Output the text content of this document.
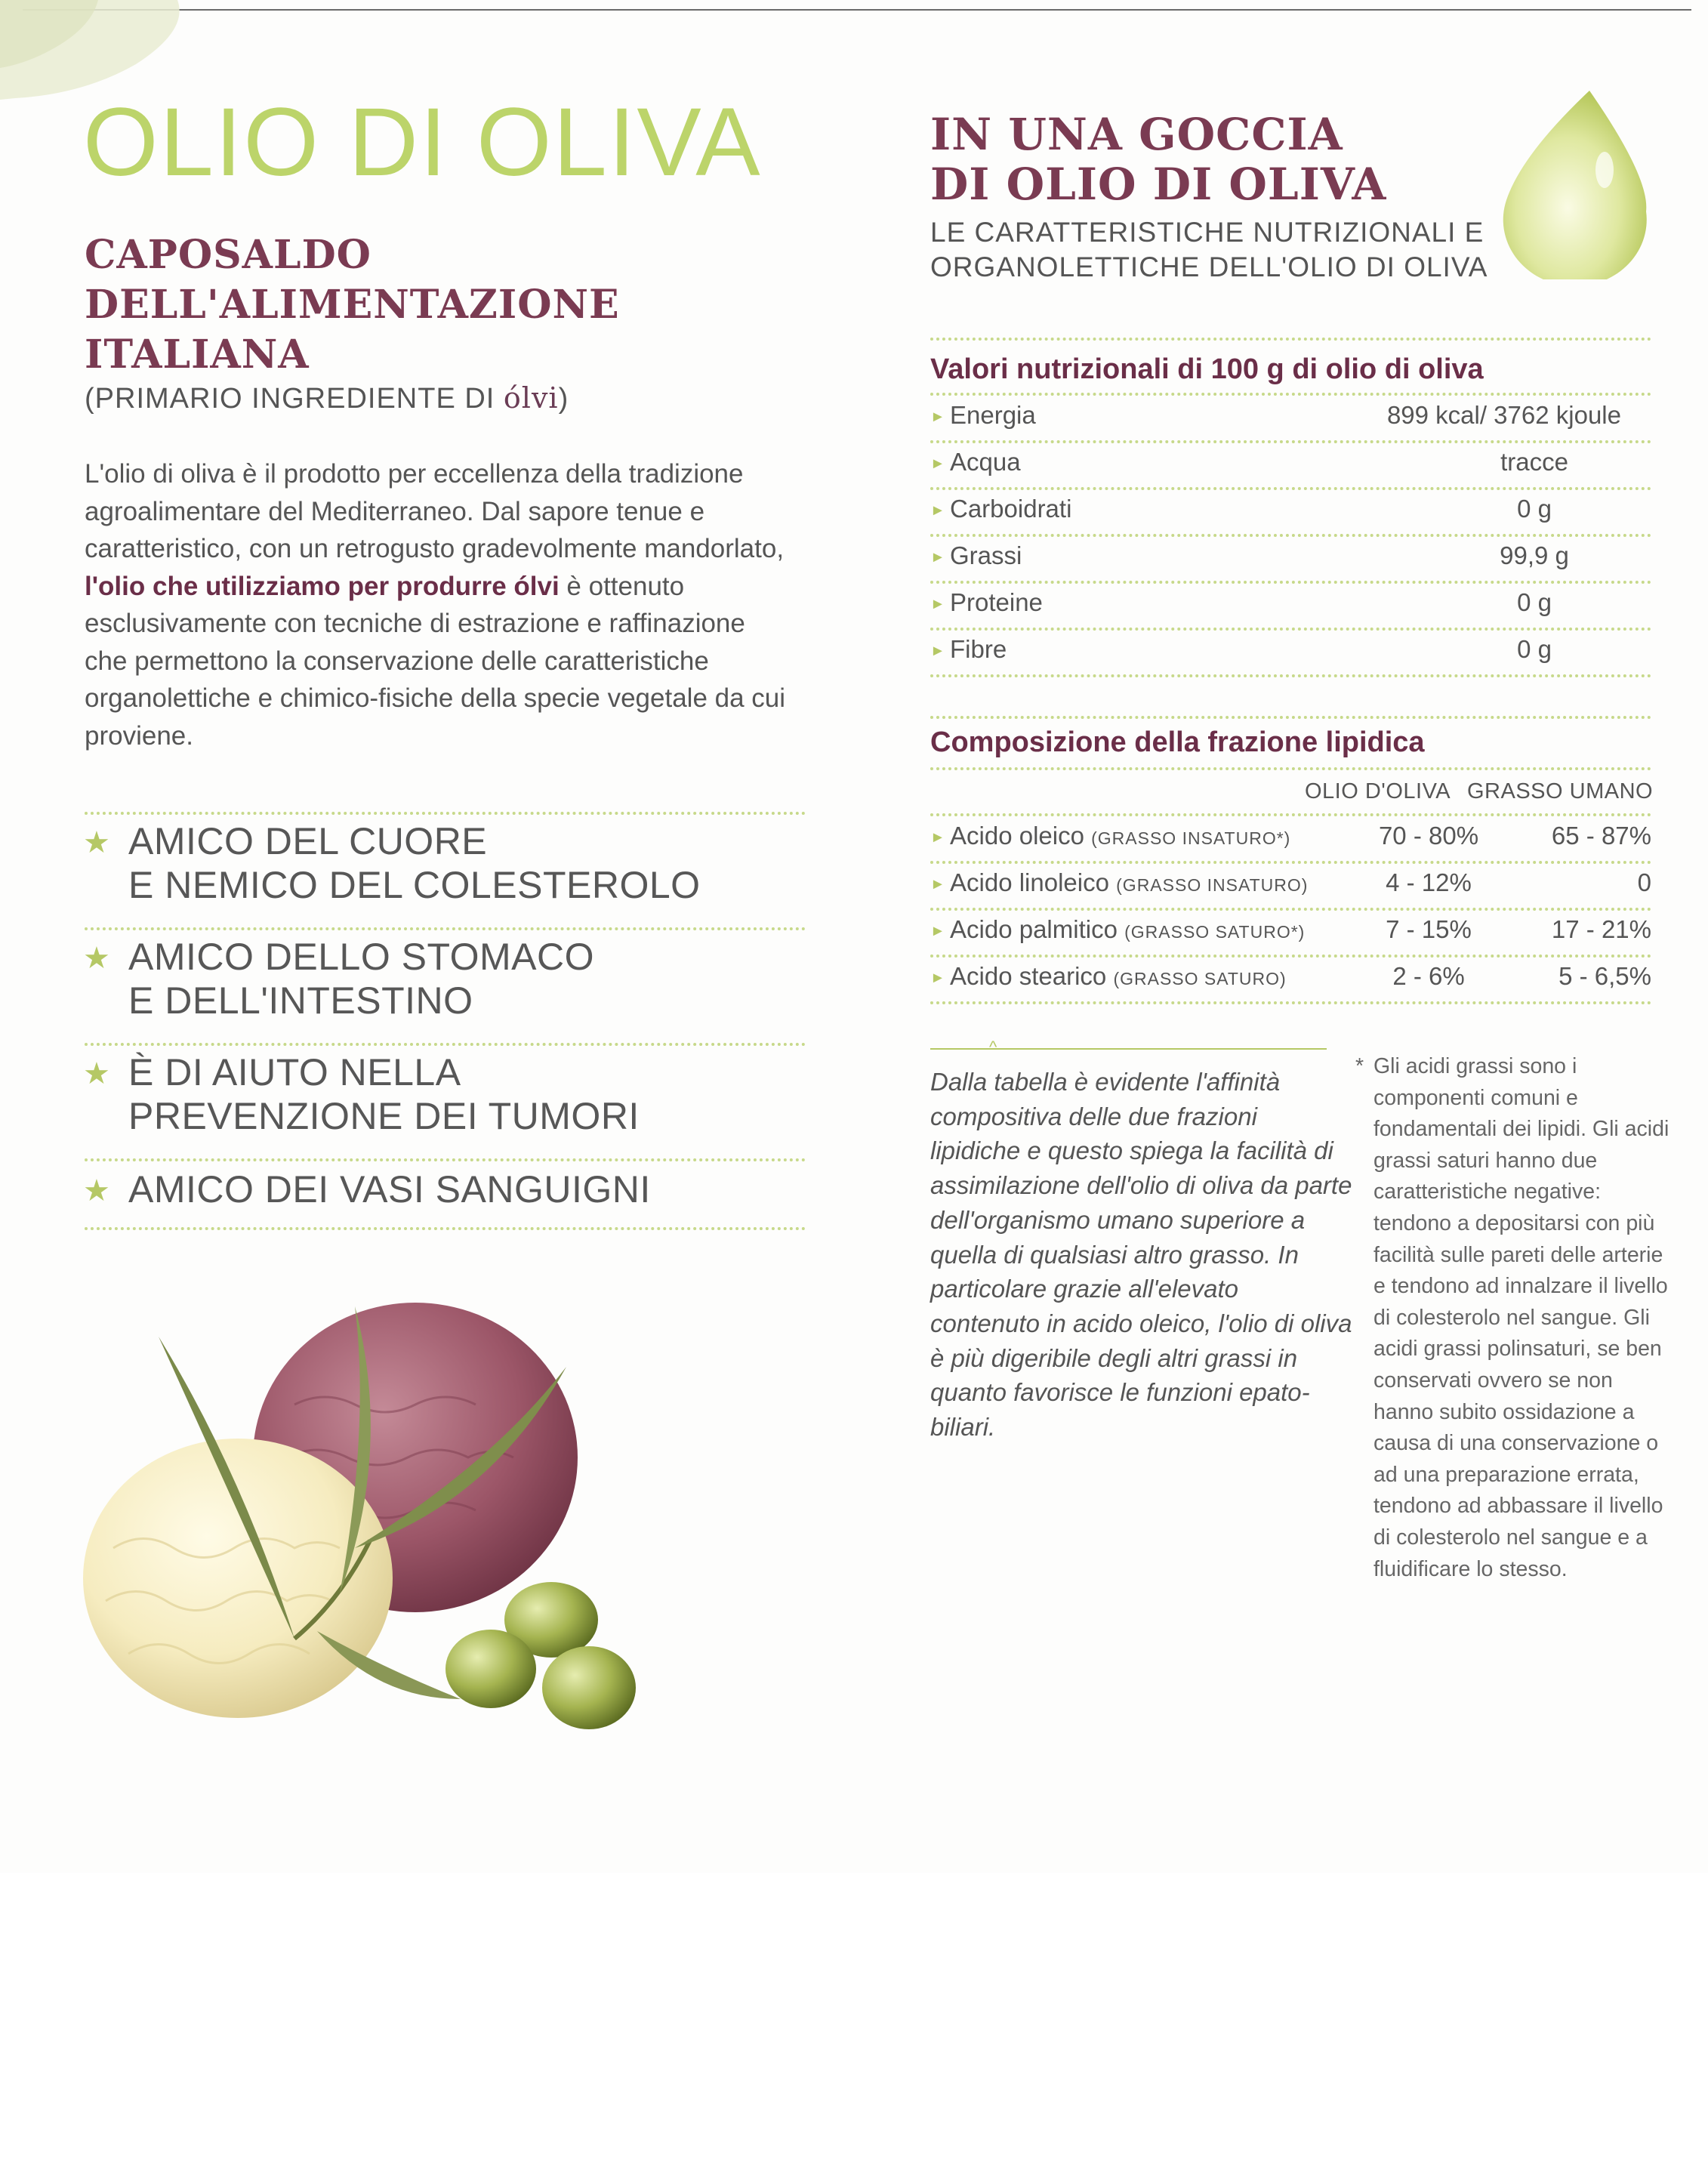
OLIO DI OLIVA
CAPOSALDO DELL'ALIMENTAZIONE ITALIANA
(PRIMARIO INGREDIENTE DI ólvi)
L'olio di oliva è il prodotto per eccellenza della tradizione agroalimentare del Mediterraneo. Dal sapore tenue e caratteristico, con un retrogusto gradevolmente mandorlato, l'olio che utilizziamo per produrre ólvi è ottenuto esclusivamente con tecniche di estrazione e raffinazione che permettono la conservazione delle caratteristiche organolettiche e chimico-fisiche della specie vegetale da cui proviene.
★ AMICO DEL CUORE
E NEMICO DEL COLESTEROLO
★ AMICO DELLO STOMACO
E DELL'INTESTINO
★ È DI AIUTO NELLA
PREVENZIONE DEI TUMORI
★ AMICO DEI VASI SANGUIGNI
IN UNA GOCCIA
DI OLIO DI OLIVA
LE CARATTERISTICHE NUTRIZIONALI E
ORGANOLETTICHE DELL'OLIO DI OLIVA
Valori nutrizionali di 100 g di olio di oliva
► Energia	899 kcal/ 3762 kjoule
► Acqua	tracce
► Carboidrati	0 g
► Grassi	99,9 g
► Proteine	0 g
► Fibre	0 g
Composizione della frazione lipidica
OLIO D'OLIVA GRASSO UMANO
► Acido oleico (GRASSO INSATURO*)	70 - 80%	65 - 87%
► Acido linoleico (GRASSO INSATURO)	4 - 12%	0
► Acido palmitico (GRASSO SATURO*)	7 - 15%	17 - 21%
► Acido stearico (GRASSO SATURO)	2 - 6%	5 - 6,5%
^
Dalla tabella è evidente l'affinità compositiva delle due frazioni lipidiche e questo spiega la facilità di assimilazione dell'olio di oliva da parte dell'organismo umano superiore a quella di qualsiasi altro grasso. In particolare grazie all'elevato contenuto in acido oleico, l'olio di oliva è più digeribile degli altri grassi in quanto favorisce le funzioni epato-biliari.
* Gli acidi grassi sono i componenti comuni e fondamentali dei lipidi. Gli acidi grassi saturi hanno due caratteristiche negative: tendono a depositarsi con più facilità sulle pareti delle arterie e tendono ad innalzare il livello di colesterolo nel sangue. Gli acidi grassi polinsaturi, se ben conservati ovvero se non hanno subito ossidazione a causa di una conservazione o ad una preparazione errata, tendono ad abbassare il livello di colesterolo nel sangue e a fluidificare lo stesso.
